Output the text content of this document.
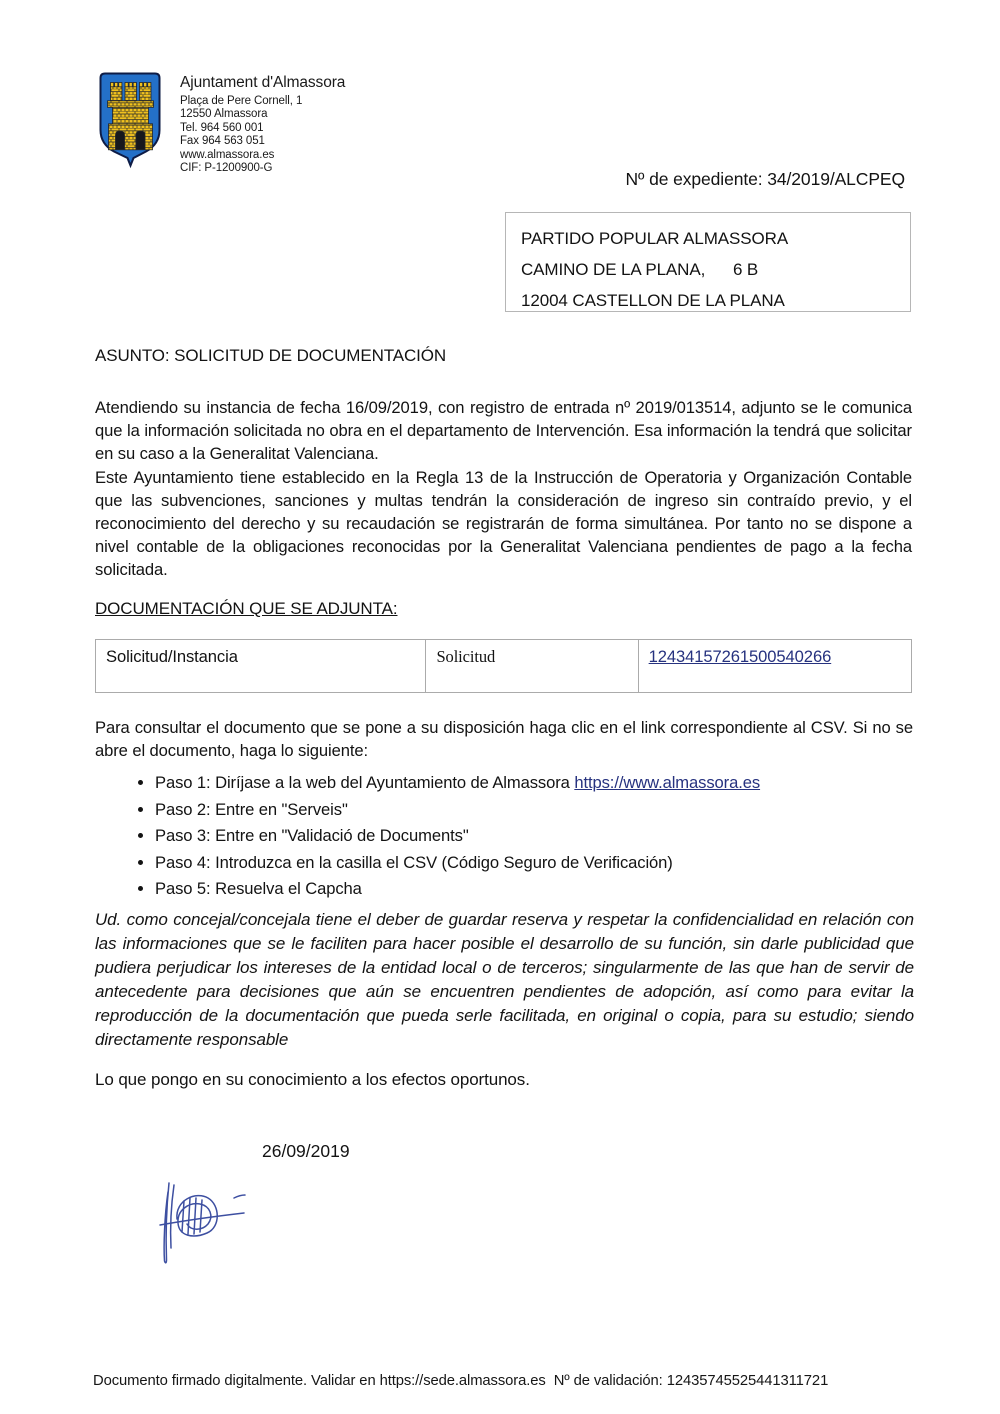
Ajuntament d'Almassora
Plaça de Pere Cornell, 1
12550 Almassora
Tel. 964 560 001
Fax 964 563 051
www.almassora.es
CIF: P-1200900-G
Nº de expediente: 34/2019/ALCPEQ
PARTIDO POPULAR ALMASSORA
CAMINO DE LA PLANA,      6 B
12004 CASTELLON DE LA PLANA
ASUNTO: SOLICITUD DE DOCUMENTACIÓN

Atendiendo su instancia de fecha 16/09/2019, con registro de entrada nº 2019/013514, adjunto se le comunica que la información solicitada no obra en el departamento de Intervención. Esa información la tendrá que solicitar en su caso a la Generalitat Valenciana.

Este Ayuntamiento tiene establecido en la Regla 13 de la Instrucción de Operatoria y Organización Contable que las subvenciones, sanciones y multas tendrán la consideración de ingreso sin contraído previo, y el reconocimiento del derecho y su recaudación se registrarán de forma simultánea. Por tanto no se dispone a nivel contable de la obligaciones reconocidas por la Generalitat Valenciana pendientes de pago a la fecha solicitada.

DOCUMENTACIÓN QUE SE ADJUNTA:
Solicitud/Instancia	Solicitud	12434157261500540266

Para consultar el documento que se pone a su disposición haga clic en el link correspondiente al CSV. Si no se abre el documento, haga lo siguiente:

• Paso 1: Diríjase a la web del Ayuntamiento de Almassora https://www.almassora.es
• Paso 2: Entre en "Serveis"
• Paso 3: Entre en "Validació de Documents"
• Paso 4: Introduzca en la casilla el CSV (Código Seguro de Verificación)
• Paso 5: Resuelva el Capcha
Ud. como concejal/concejala tiene el deber de guardar reserva y respetar la confidencialidad en relación con las informaciones que se le faciliten para hacer posible el desarrollo de su función, sin darle publicidad que pudiera perjudicar los intereses de la entidad local o de terceros; singularmente de las que han de servir de antecedente para decisiones que aún se encuentren pendientes de adopción, así como para evitar la reproducción de la documentación que pueda serle facilitada, en original o copia, para su estudio; siendo directamente responsable
Lo que pongo en su conocimiento a los efectos oportunos.
26/09/2019
Documento firmado digitalmente. Validar en https://sede.almassora.es  Nº de validación: 12435745525441311721
